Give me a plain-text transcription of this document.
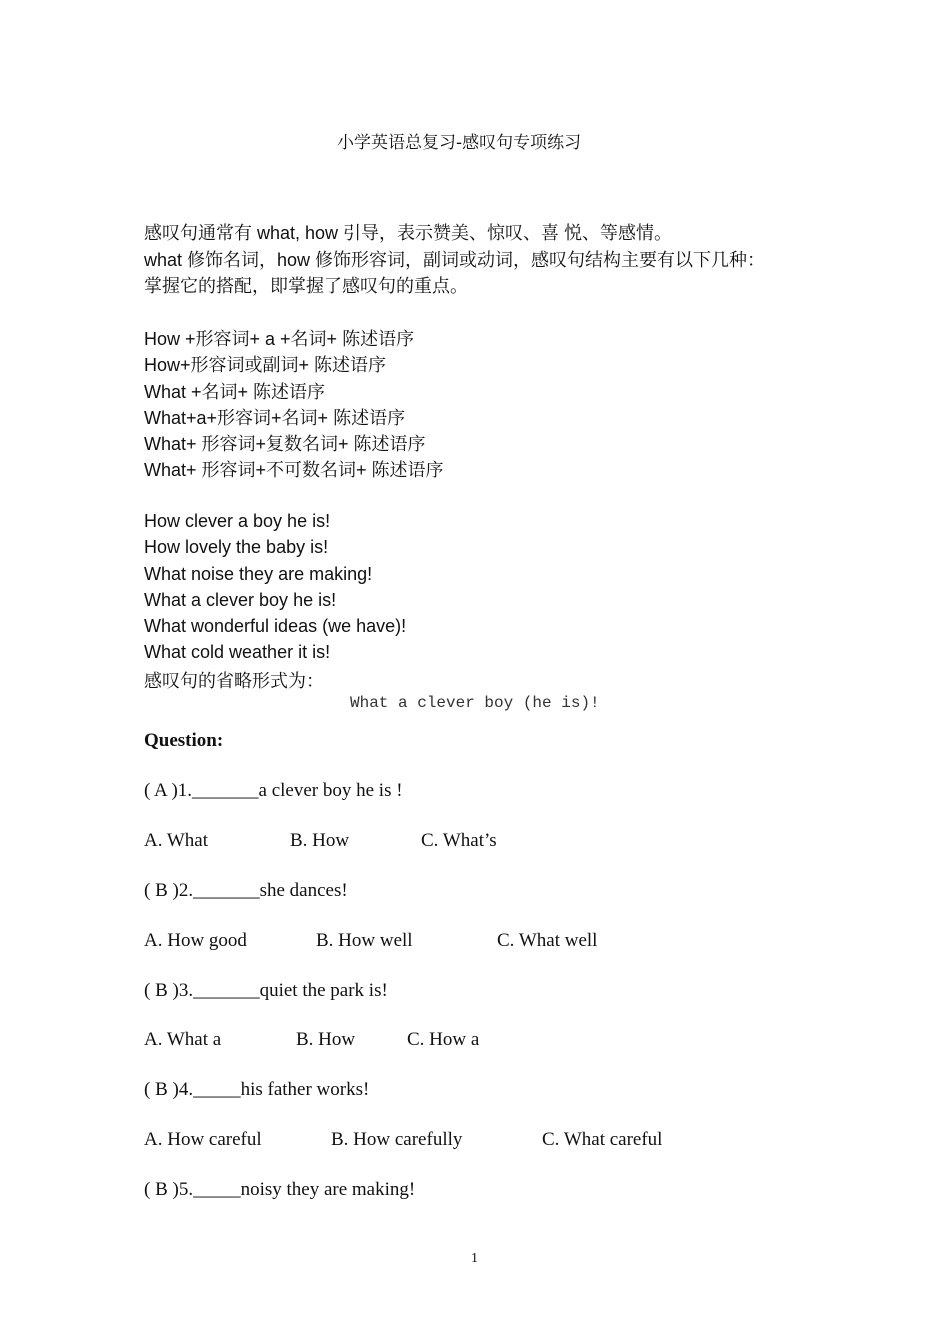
小学英语总复习-感叹句专项练习
感叹句通常有 what, how 引导，表示赞美、惊叹、喜 悦、等感情。
what 修饰名词，how 修饰形容词，副词或动词，感叹句结构主要有以下几种：
掌握它的搭配，即掌握了感叹句的重点。
How +形容词+ a +名词+ 陈述语序
How+形容词或副词+ 陈述语序
What +名词+ 陈述语序
What+a+形容词+名词+ 陈述语序
What+ 形容词+复数名词+ 陈述语序
What+ 形容词+不可数名词+ 陈述语序
How clever a boy he is!
How lovely the baby is!
What noise they are making!
What a clever boy he is!
What wonderful ideas (we have)!
What cold weather it is!
感叹句的省略形式为：
What a clever boy (he is)!
Question:
( A )1._______a clever boy he is !
A. What	B. How	C. What’s
( B )2._______she dances!
A. How good	B. How well	C. What well
( B )3._______quiet the park is!
A. What a	B. How	C. How a
( B )4._____his father works!
A. How careful	B. How carefully	C. What careful
( B )5._____noisy they are making!
1
